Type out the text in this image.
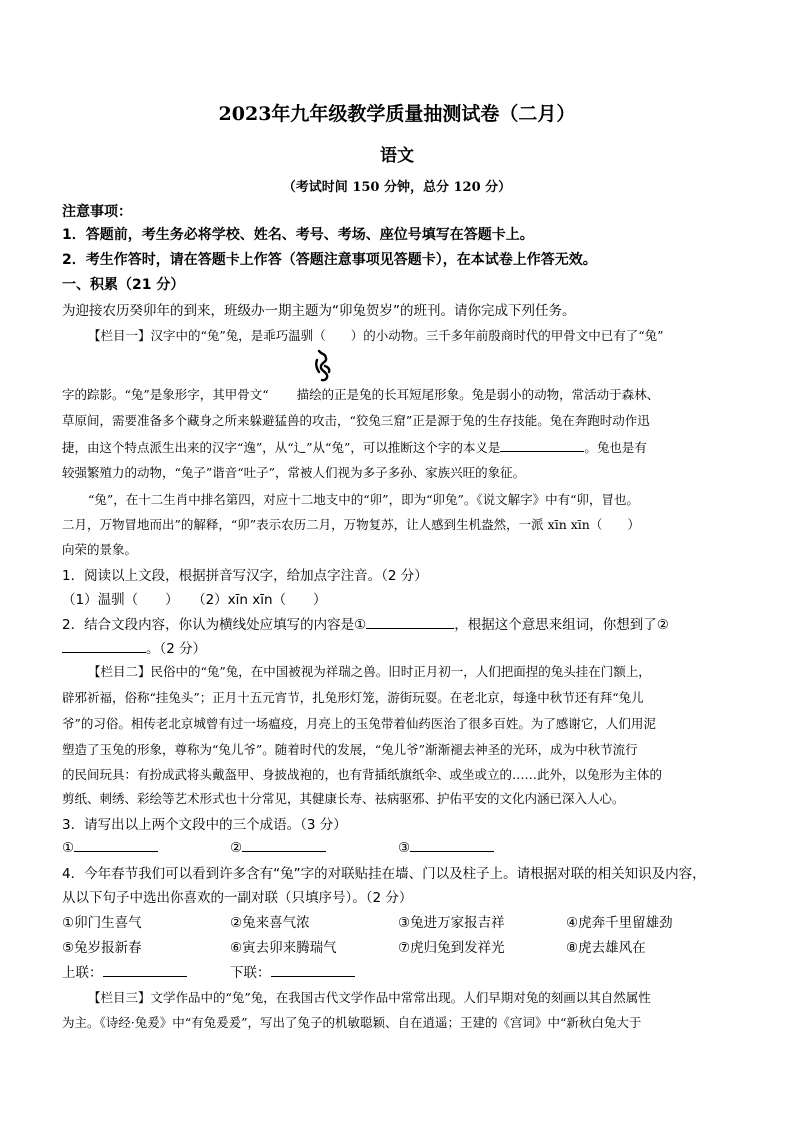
2023年九年级教学质量抽测试卷（二月）
语文
（考试时间 150 分钟，总分 120 分）
注意事项：
1．答题前，考生务必将学校、姓名、考号、考场、座位号填写在答题卡上。
2．考生作答时，请在答题卡上作答（答题注意事项见答题卡），在本试卷上作答无效。
一、积累（21 分）
为迎接农历癸卯年的到来，班级办一期主题为“卯兔贺岁”的班刊。请你完成下列任务。
【栏目一】汉字中的“兔”兔，是乖巧温驯（　　）的小动物。三千多年前殷商时代的甲骨文中已有了“兔”
字的踪影。“兔”是象形字，其甲骨文“ 描绘的正是兔的长耳短尾形象。兔是弱小的动物，常活动于森林、
草原间，需要准备多个藏身之所来躲避猛兽的攻击，“狡兔三窟”正是源于兔的生存技能。兔在奔跑时动作迅
捷，由这个特点派生出来的汉字“逸”，从“辶”从“兔”，可以推断这个字的本义是	。兔也是有
较强繁殖力的动物，“兔子”谐音“吐子”，常被人们视为多子多孙、家族兴旺的象征。
“兔”，在十二生肖中排名第四，对应十二地支中的“卯”，即为“卯兔”。《说文解字》中有“卯，冒也。
二月，万物冒地而出”的解释，“卯”表示农历二月，万物复苏，让人感到生机盎然，一派 xīn xīn（　　）
向荣的景象。
1．阅读以上文段，根据拼音写汉字，给加点字注音。（2 分）
（1）温驯（　　）　　（2）xīn xīn（　　）
2．结合文段内容，你认为横线处应填写的内容是①	，根据这个意思来组词，你想到了②
。（2 分）
【栏目二】民俗中的“兔”兔，在中国被视为祥瑞之兽。旧时正月初一，人们把面捏的兔头挂在门额上，
辟邪祈福，俗称“挂兔头”；正月十五元宵节，扎兔形灯笼，游街玩耍。在老北京，每逢中秋节还有拜“兔儿
爷”的习俗。相传老北京城曾有过一场瘟疫，月亮上的玉兔带着仙药医治了很多百姓。为了感谢它，人们用泥
塑造了玉兔的形象，尊称为“兔儿爷”。随着时代的发展，“兔儿爷”渐渐褪去神圣的光环，成为中秋节流行
的民间玩具：有扮成武将头戴盔甲、身披战袍的，也有背插纸旗纸伞、或坐或立的……此外，以兔形为主体的
剪纸、刺绣、彩绘等艺术形式也十分常见，其健康长寿、祛病驱邪、护佑平安的文化内涵已深入人心。
3．请写出以上两个文段中的三个成语。（3 分）
①	②	③
4．今年春节我们可以看到许多含有“兔”字的对联贴挂在墙、门以及柱子上。请根据对联的相关知识及内容，
从以下句子中选出你喜欢的一副对联（只填序号）。（2 分）
①卯门生喜气	②兔来喜气浓	③兔进万家报吉祥	④虎奔千里留雄劲
⑤兔岁报新春	⑥寅去卯来腾瑞气	⑦虎归兔到发祥光	⑧虎去雄风在
上联：	下联：
【栏目三】文学作品中的“兔”兔，在我国古代文学作品中常常出现。人们早期对兔的刻画以其自然属性
为主。《诗经·兔爰》中“有兔爰爰”，写出了兔子的机敏聪颖、自在逍遥；王建的《宫词》中“新秋白兔大于
